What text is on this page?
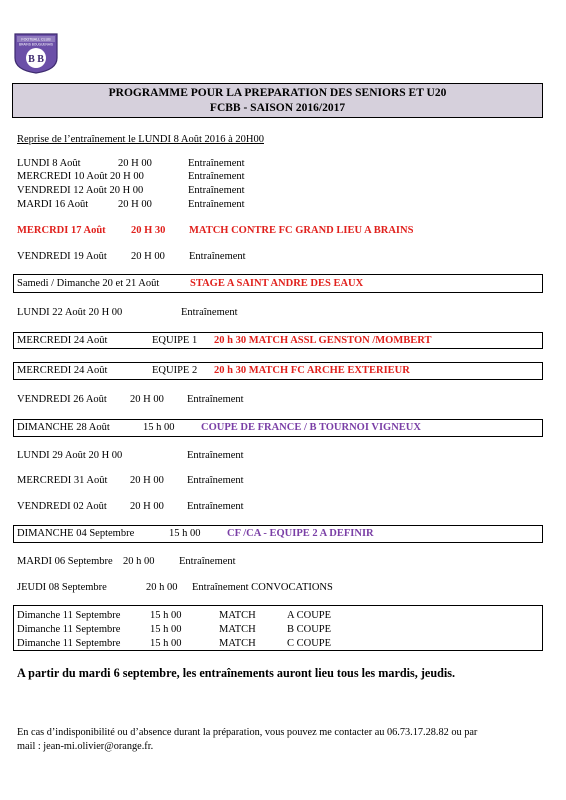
FOOTBALL CLUB
BRAINS BOUGUENAIS
B B
PROGRAMME POUR LA PREPARATION DES SENIORS ET U20
FCBB - SAISON 2016/2017
Reprise de l’entraînement le LUNDI 8 Août 2016 à 20H00
LUNDI 8 Août	20 H 00	Entraînement
MERCREDI 10 Août 20 H 00	Entraînement
VENDREDI 12 Août 20 H 00	Entraînement
MARDI 16 Août	20 H 00	Entraînement
MERCRDI 17 Août 20 H 30 MATCH CONTRE FC GRAND LIEU A BRAINS
VENDREDI 19 Août 20 H 00 Entraînement
Samedi / Dimanche 20 et 21 Août	STAGE A SAINT ANDRE DES EAUX
LUNDI 22 Août 20 H 00	Entraînement
MERCREDI 24 Août	EQUIPE 1 20 h 30 MATCH ASSL GENSTON /MOMBERT
MERCREDI 24 Août	EQUIPE 2 20 h 30 MATCH FC ARCHE EXTERIEUR
VENDREDI 26 Août 20 H 00 Entraînement
DIMANCHE 28 Août	15 h 00	COUPE DE FRANCE / B TOURNOI VIGNEUX
LUNDI 29 Août 20 H 00	Entraînement
MERCREDI 31 Août 20 H 00 Entraînement
VENDREDI 02 Août 20 H 00 Entraînement
DIMANCHE 04 Septembre	15 h 00	CF /CA - EQUIPE 2 A DEFINIR
MARDI 06 Septembre 20 h 00 Entraînement
JEUDI 08 Septembre	20 h 00 Entraînement CONVOCATIONS
Dimanche 11 Septembre	15 h 00	MATCH	A COUPE
Dimanche 11 Septembre	15 h 00	MATCH	B COUPE
Dimanche 11 Septembre	15 h 00	MATCH	C COUPE
A partir du mardi 6 septembre, les entraînements auront lieu tous les mardis, jeudis.
En cas d’indisponibilité ou d’absence durant la préparation, vous pouvez me contacter au 06.73.17.28.82 ou par
mail : jean-mi.olivier@orange.fr.
